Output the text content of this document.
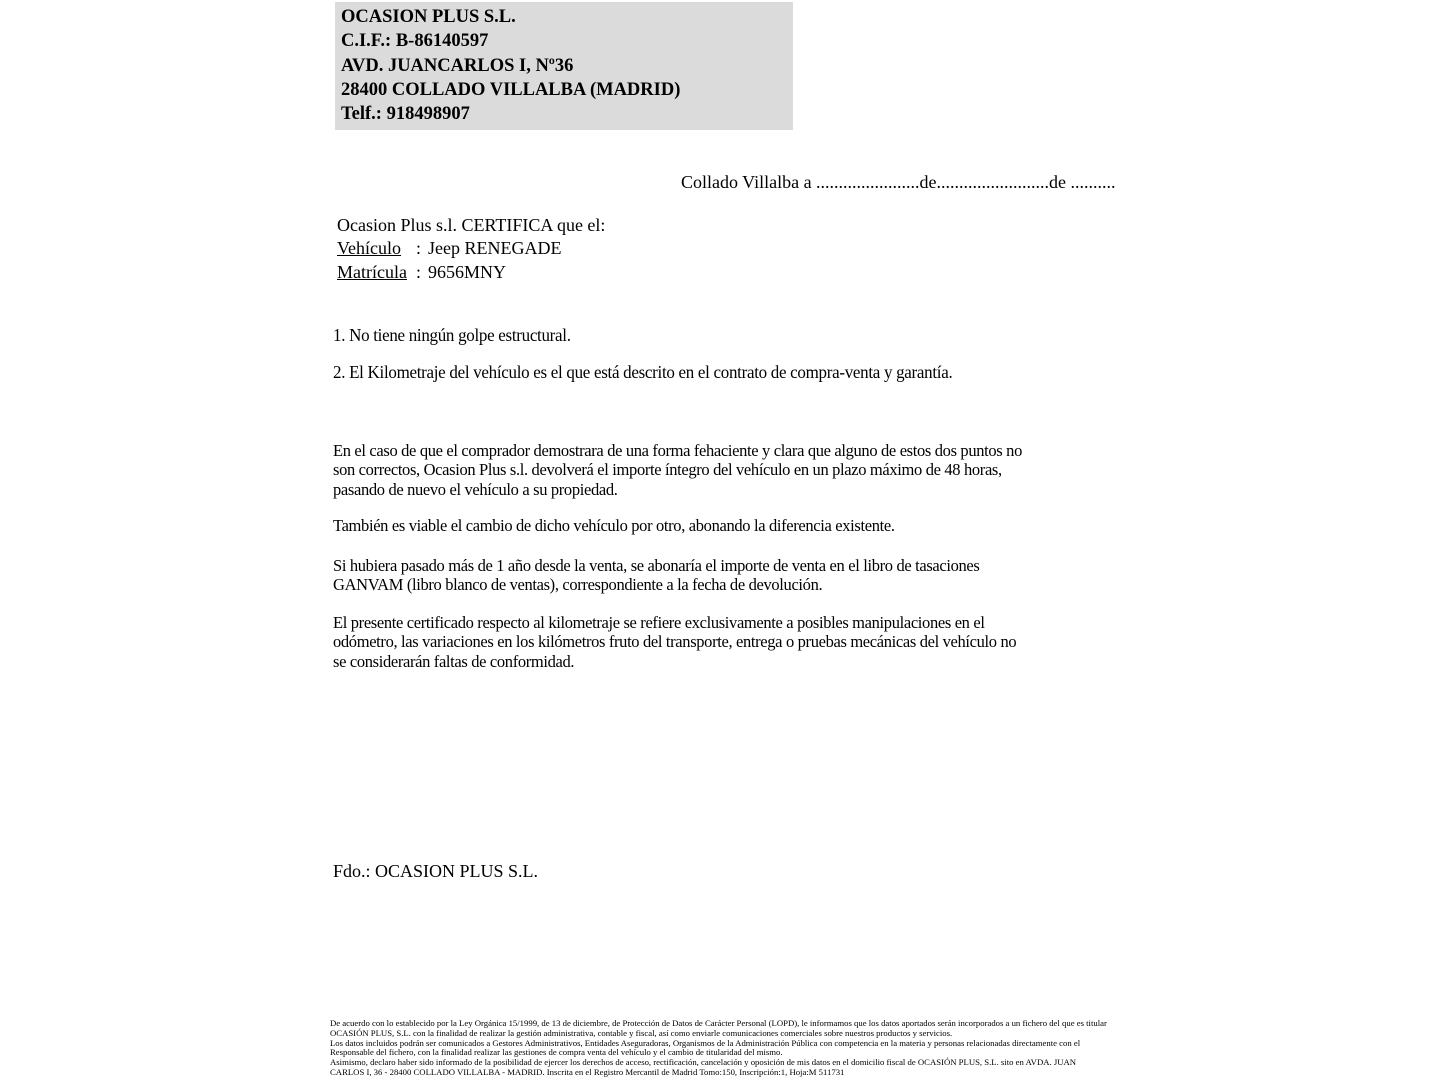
OCASION PLUS S.L.
C.I.F.: B-86140597
AVD. JUANCARLOS I, Nº36
28400 COLLADO VILLALBA (MADRID)
Telf.: 918498907
Collado Villalba a .......................de.........................de ..........
Ocasion Plus s.l. CERTIFICA que el:
Vehículo : Jeep RENEGADE
Matrícula : 9656MNY
1. No tiene ningún golpe estructural.
2. El Kilometraje del vehículo es el que está descrito en el contrato de compra-venta y garantía.
En el caso de que el comprador demostrara de una forma fehaciente y clara que alguno de estos dos puntos no
son correctos, Ocasion Plus s.l. devolverá el importe íntegro del vehículo en un plazo máximo de 48 horas,
pasando de nuevo el vehículo a su propiedad.
También es viable el cambio de dicho vehículo por otro, abonando la diferencia existente.
Si hubiera pasado más de 1 año desde la venta, se abonaría el importe de venta en el libro de tasaciones
GANVAM (libro blanco de ventas), correspondiente a la fecha de devolución.
El presente certificado respecto al kilometraje se refiere exclusivamente a posibles manipulaciones en el
odómetro, las variaciones en los kilómetros fruto del transporte, entrega o pruebas mecánicas del vehículo no
se considerarán faltas de conformidad.
Fdo.: OCASION PLUS S.L.
De acuerdo con lo establecido por la Ley Orgánica 15/1999, de 13 de diciembre, de Protección de Datos de Carácter Personal (LOPD), le informamos que los datos aportados serán incorporados a un fichero del que es titular
OCASIÓN PLUS, S.L. con la finalidad de realizar la gestión administrativa, contable y fiscal, así como enviarle comunicaciones comerciales sobre nuestros productos y servicios.
Los datos incluidos podrán ser comunicados a Gestores Administrativos, Entidades Aseguradoras, Organismos de la Administración Pública con competencia en la materia y personas relacionadas directamente con el
Responsable del fichero, con la finalidad realizar las gestiones de compra venta del vehículo y el cambio de titularidad del mismo.
Asimismo, declaro haber sido informado de la posibilidad de ejercer los derechos de acceso, rectificación, cancelación y oposición de mis datos en el domicilio fiscal de OCASIÓN PLUS, S.L. sito en AVDA. JUAN
CARLOS I, 36 - 28400 COLLADO VILLALBA - MADRID. Inscrita en el Registro Mercantil de Madrid Tomo:150, Inscripción:1, Hoja:M 511731
